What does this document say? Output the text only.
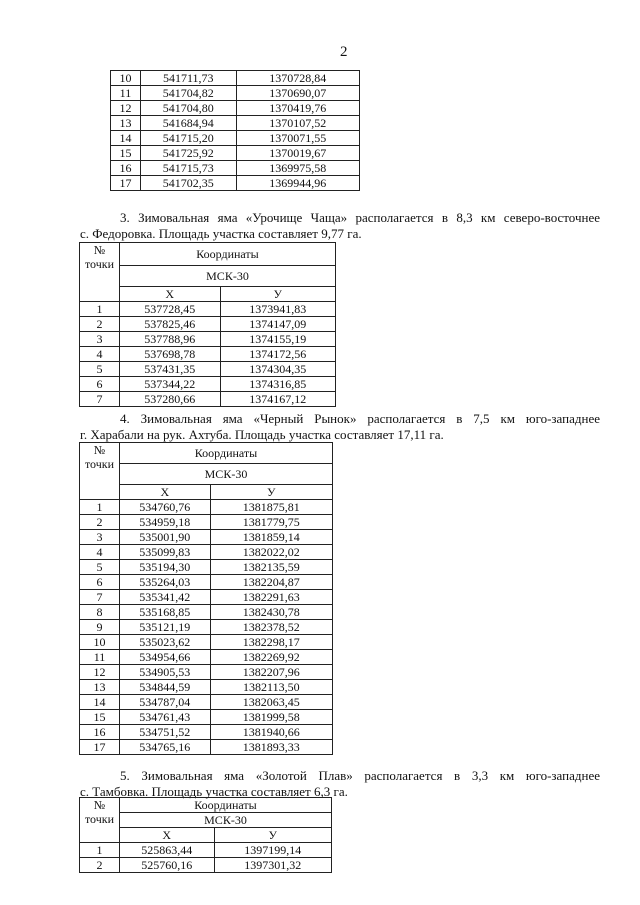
2
10	541711,73	1370728,84
11	541704,82	1370690,07
12	541704,80	1370419,76
13	541684,94	1370107,52
14	541715,20	1370071,55
15	541725,92	1370019,67
16	541715,73	1369975,58
17	541702,35	1369944,96
3. Зимовальная яма «Урочище Чаща» располагается в 8,3 км северо-восточнее
с. Федоровка. Площадь участка составляет 9,77 га.
№
точки	Координаты	
	МСК-30	
	Х	У
1	537728,45	1373941,83
2	537825,46	1374147,09
3	537788,96	1374155,19
4	537698,78	1374172,56
5	537431,35	1374304,35
6	537344,22	1374316,85
7	537280,66	1374167,12
4. Зимовальная яма «Черный Рынок» располагается в 7,5 км юго-западнее
г. Харабали на рук. Ахтуба. Площадь участка составляет 17,11 га.
№
точки	Координаты	
	МСК-30	
	Х	У
1	534760,76	1381875,81
2	534959,18	1381779,75
3	535001,90	1381859,14
4	535099,83	1382022,02
5	535194,30	1382135,59
6	535264,03	1382204,87
7	535341,42	1382291,63
8	535168,85	1382430,78
9	535121,19	1382378,52
10	535023,62	1382298,17
11	534954,66	1382269,92
12	534905,53	1382207,96
13	534844,59	1382113,50
14	534787,04	1382063,45
15	534761,43	1381999,58
16	534751,52	1381940,66
17	534765,16	1381893,33
5. Зимовальная яма «Золотой Плав» располагается в 3,3 км юго-западнее
с. Тамбовка. Площадь участка составляет 6,3 га.
№
точки	Координаты	
	МСК-30	
	Х	У
1	525863,44	1397199,14
2	525760,16	1397301,32
